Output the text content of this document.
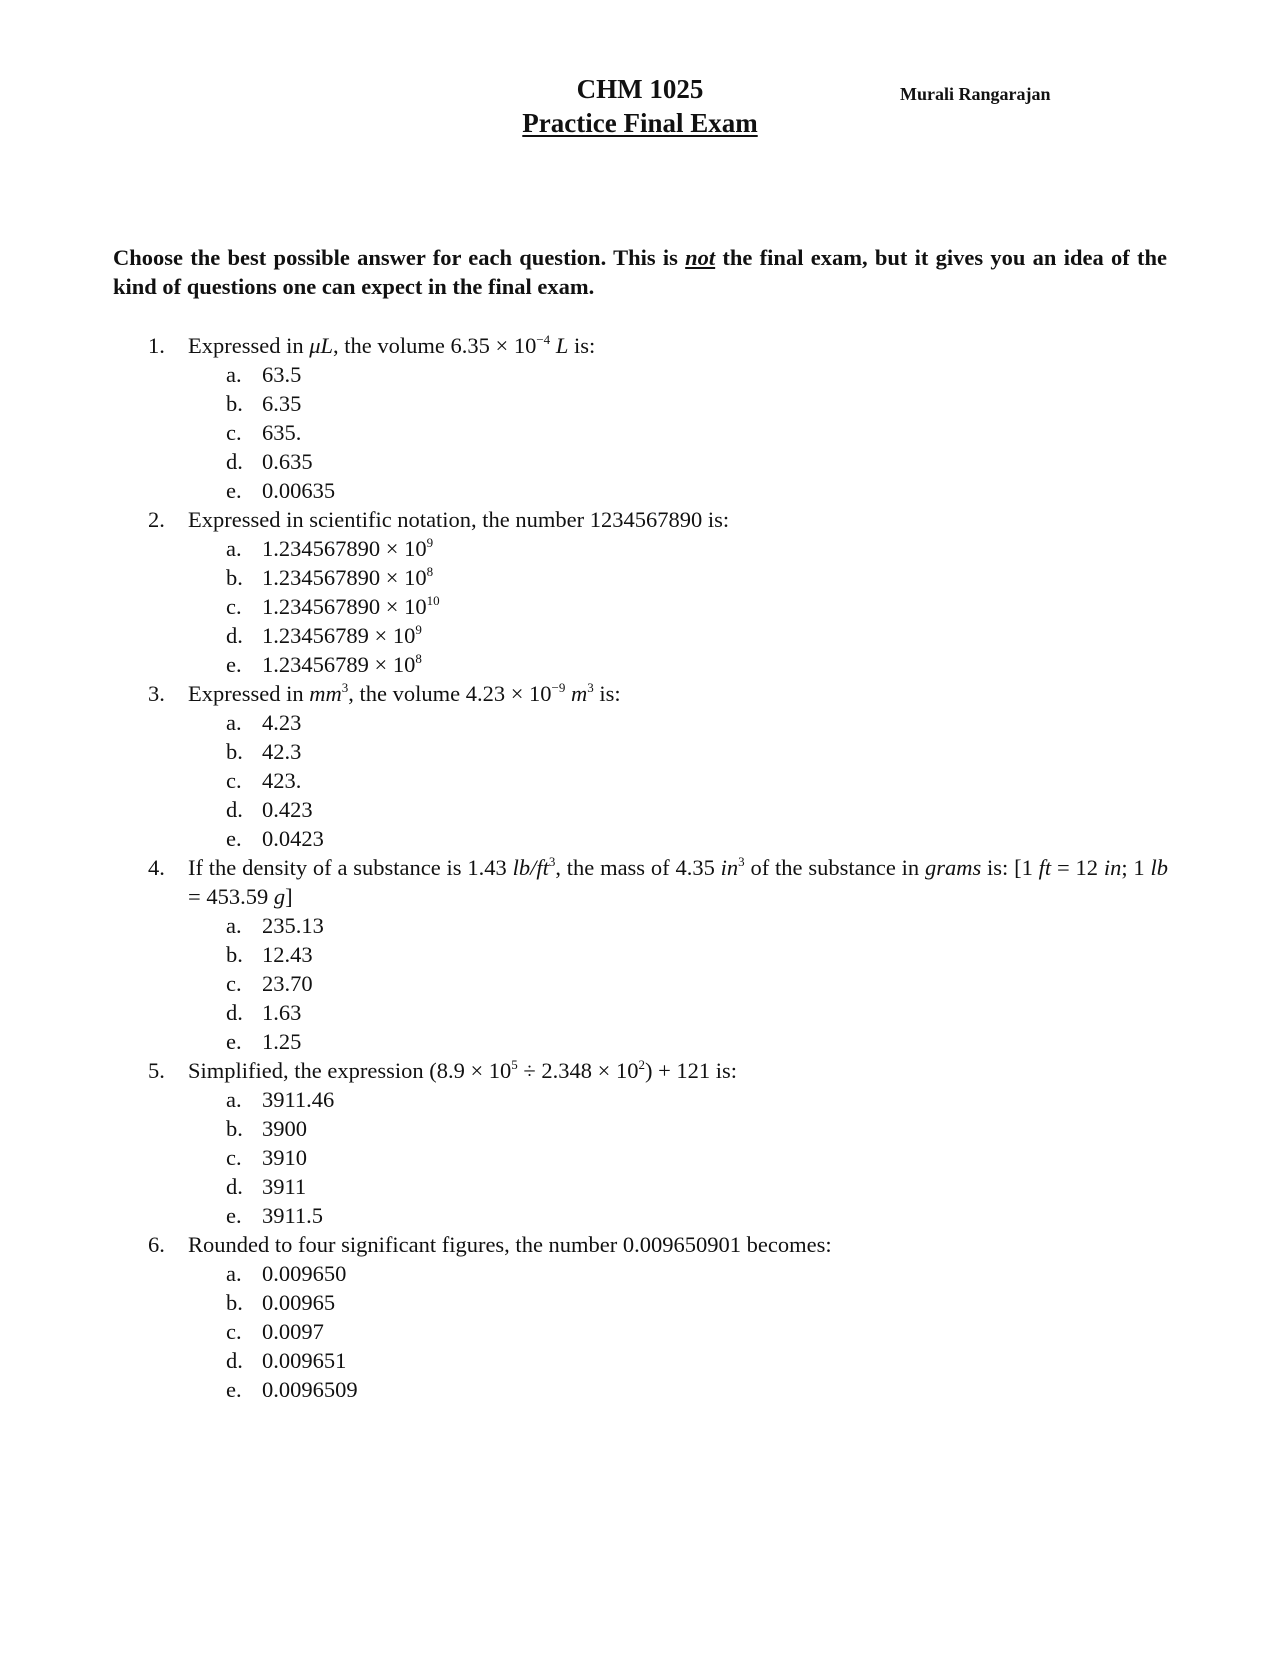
CHM 1025
Practice Final Exam
Murali Rangarajan
Choose the best possible answer for each question. This is not the final exam, but it gives you an idea of the kind of questions one can expect in the final exam.
1.	Expressed in μL, the volume $6.35 \times 10^{-4}$ L is:
a. 63.5
b. 6.35
c. 635.
d. 0.635
e. 0.00635
2.	Expressed in scientific notation, the number 1234567890 is:
a. $1.234567890 \times 10^9$
b. $1.234567890 \times 10^8$
c. $1.234567890 \times 10^{10}$
d. $1.23456789 \times 10^9$
e. $1.23456789 \times 10^8$
3.	Expressed in $mm^3$, the volume $4.23 \times 10^{-9}$ $m^3$ is:
a. 4.23
b. 42.3
c. 423.
d. 0.423
e. 0.0423
4.	If the density of a substance is 1.43 $lb/ft^3$, the mass of 4.35 $in^3$ of the substance in grams is: [1 ft = 12 in; 1 lb = 453.59 g]
a. 235.13
b. 12.43
c. 23.70
d. 1.63
e. 1.25
5.	Simplified, the expression $(8.9 \times 10^5 \div 2.348 \times 10^2) + 121$ is:
a. 3911.46
b. 3900
c. 3910
d. 3911
e. 3911.5
6.	Rounded to four significant figures, the number 0.009650901 becomes:
a. 0.009650
b. 0.00965
c. 0.0097
d. 0.009651
e. 0.0096509
